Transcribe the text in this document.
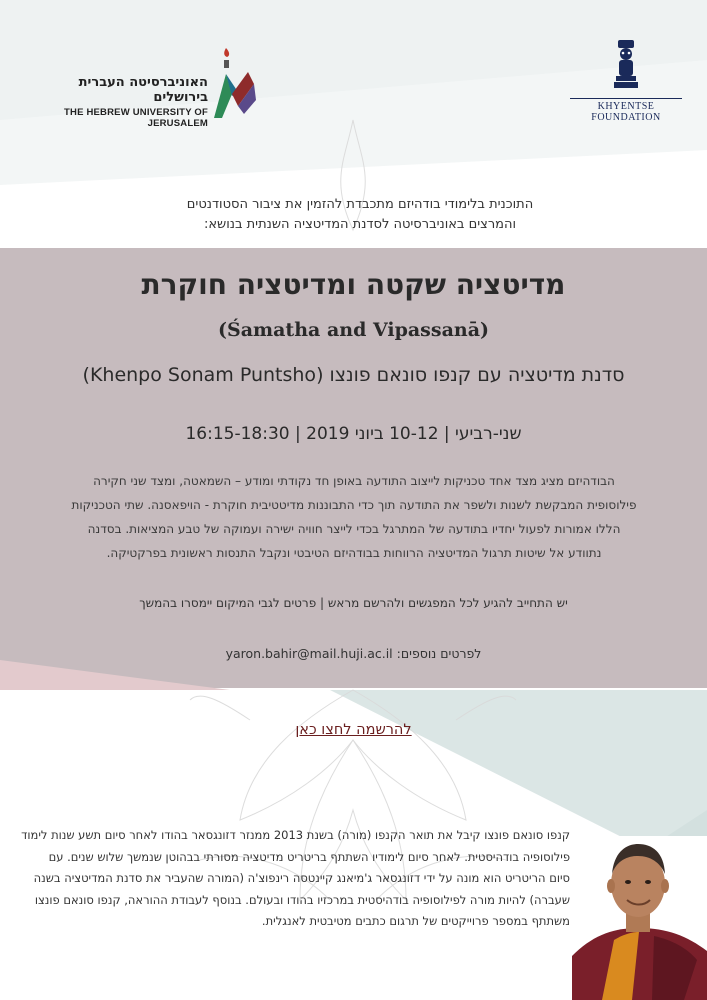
האוניברסיטה העברית בירושלים
THE HEBREW UNIVERSITY OF JERUSALEM
KHYENTSE FOUNDATION
התוכנית בלימודי בודהיזם מתכבדת להזמין את ציבור הסטודנטים
והמרצים באוניברסיטה לסדנת המדיטציה השנתית בנושא:
מדיטציה שקטה ומדיטציה חוקרת
(Śamatha and Vipassanā)
סדנת מדיטציה עם קנפו סונאם פונצו (Khenpo Sonam Puntsho)
שני-רביעי | 10-12 ביוני 2019 | 16:15-18:30
הבודהיזם מציג מצד אחד טכניקות לייצוב התודעה באופן חד נקודתי ומודע – השמאטה, ומצד שני חקירה
פילוסופית המבקשת לשנות ולשפר את התודעה תוך כדי התבוננות מדיטטיבית חוקרת - הויפאסנה. שתי הטכניקות
הללו אמורות לפעול יחדיו בתודעה של המתרגל בכדי לייצר חוויה ישירה ועמוקה של טבע המציאות. בסדנה
נתוודע אל שיטות תרגול המדיטציה הרווחות בבודהיזם הטיבטי ונקבל התנסות ראשונית בפרקטיקה.
יש התחייב להגיע לכל המפגשים ולהרשם מראש | פרטים לגבי המיקום יימסרו בהמשך
לפרטים נוספים: yaron.bahir@mail.huji.ac.il
להרשמה לחצו כאן
קנפו סונאם פונצו קיבל את תואר הקנפו (מורה) בשנת 2013 ממנזר דזונגסאר בהודו לאחר סיום תשע שנות לימוד
פילוסופיה בודהיסטית. לאחר סיום לימודיו השתתף בריטריט מדיטציה מסורתי בבהוטן שנמשך שלוש שנים. עם
סיום הריטריט הוא מונה על ידי דזונגסאר ג'מיאנג קיינטסה רינפוצ'ה (המורה שהעביר את סדנת המדיטציה בשנה
שעברה) להיות מורה לפילוסופיה בודהיסטית במרכזיו בהודו ובעולם. בנוסף לעבודת ההוראה, קנפו סונאם פונצו
משתתף במספר פרוייקטים של תרגום כתבים מטיבטית לאנגלית.
